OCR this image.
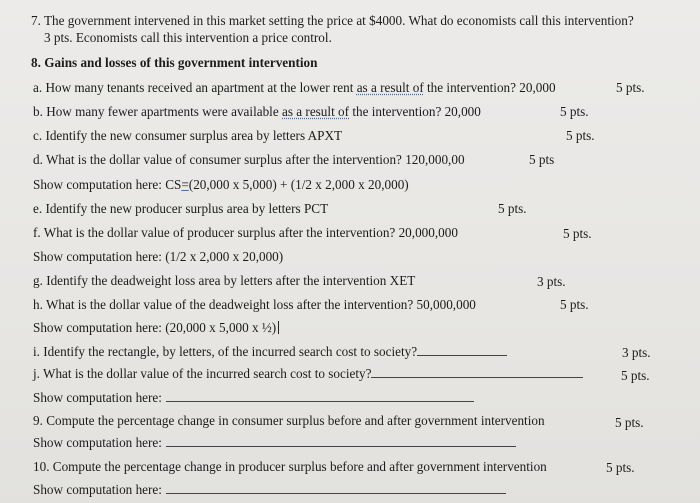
7. The government intervened in this market setting the price at $4000. What do economists call this intervention?
3 pts. Economists call this intervention a price control.
8. Gains and losses of this government intervention
a. How many tenants received an apartment at the lower rent as a result of the intervention? 20,000	5 pts.
b. How many fewer apartments were available as a result of the intervention? 20,000	5 pts.
c. Identify the new consumer surplus area by letters APXT	5 pts.
d. What is the dollar value of consumer surplus after the intervention? 120,000,00	5 pts
Show computation here: CS=(20,000 x 5,000) + (1/2 x 2,000 x 20,000)
e. Identify the new producer surplus area by letters PCT	5 pts.
f. What is the dollar value of producer surplus after the intervention? 20,000,000	5 pts.
Show computation here: (1/2 x 2,000 x 20,000)
g. Identify the deadweight loss area by letters after the intervention XET	3 pts.
h. What is the dollar value of the deadweight loss after the intervention? 50,000,000	5 pts.
Show computation here: (20,000 x 5,000 x ½)
i. Identify the rectangle, by letters, of the incurred search cost to society?	3 pts.
j. What is the dollar value of the incurred search cost to society?	5 pts.
Show computation here:
9. Compute the percentage change in consumer surplus before and after government intervention	5 pts.
Show computation here:
10. Compute the percentage change in producer surplus before and after government intervention	5 pts.
Show computation here:
